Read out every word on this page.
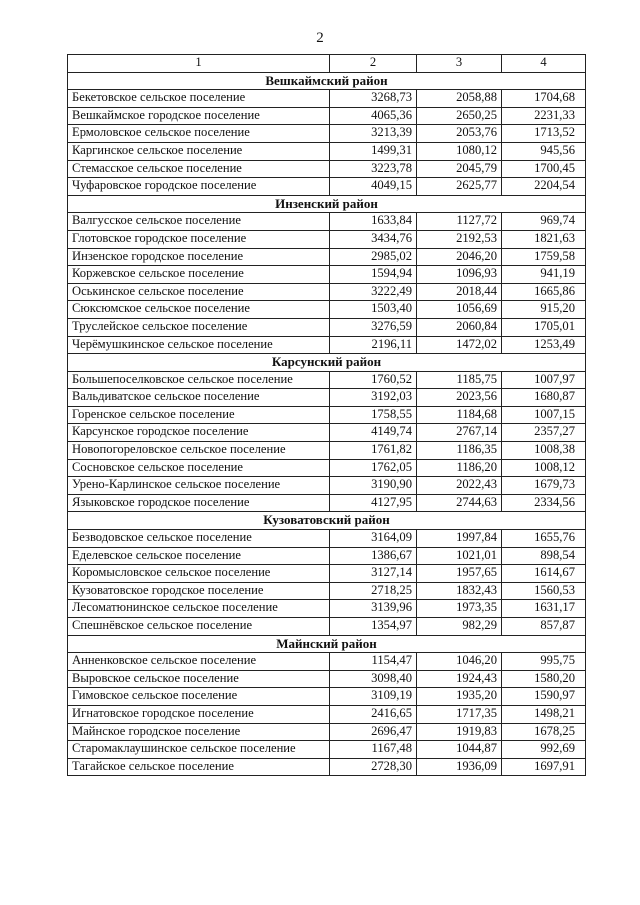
2
1	2	3	4
Вешкаймский район			
Бекетовское сельское поселение	3268,73	2058,88	1704,68
Вешкаймское городское поселение	4065,36	2650,25	2231,33
Ермоловское сельское поселение	3213,39	2053,76	1713,52
Каргинское сельское поселение	1499,31	1080,12	945,56
Стемасское сельское поселение	3223,78	2045,79	1700,45
Чуфаровское городское поселение	4049,15	2625,77	2204,54
Инзенский район			
Валгусское сельское поселение	1633,84	1127,72	969,74
Глотовское городское поселение	3434,76	2192,53	1821,63
Инзенское городское поселение	2985,02	2046,20	1759,58
Коржевское сельское поселение	1594,94	1096,93	941,19
Оськинское сельское поселение	3222,49	2018,44	1665,86
Сюксюмское сельское поселение	1503,40	1056,69	915,20
Труслейское сельское поселение	3276,59	2060,84	1705,01
Черёмушкинское сельское поселение	2196,11	1472,02	1253,49
Карсунский район			
Большепоселковское сельское поселение	1760,52	1185,75	1007,97
Вальдиватское сельское поселение	3192,03	2023,56	1680,87
Горенское сельское поселение	1758,55	1184,68	1007,15
Карсунское городское поселение	4149,74	2767,14	2357,27
Новопогореловское сельское поселение	1761,82	1186,35	1008,38
Сосновское сельское поселение	1762,05	1186,20	1008,12
Урено-Карлинское сельское поселение	3190,90	2022,43	1679,73
Языковское городское поселение	4127,95	2744,63	2334,56
Кузоватовский район			
Безводовское сельское поселение	3164,09	1997,84	1655,76
Еделевское сельское поселение	1386,67	1021,01	898,54
Коромысловское сельское поселение	3127,14	1957,65	1614,67
Кузоватовское городское поселение	2718,25	1832,43	1560,53
Лесоматюнинское сельское поселение	3139,96	1973,35	1631,17
Спешнёвское сельское поселение	1354,97	982,29	857,87
Майнский район			
Анненковское сельское поселение	1154,47	1046,20	995,75
Выровское сельское поселение	3098,40	1924,43	1580,20
Гимовское сельское поселение	3109,19	1935,20	1590,97
Игнатовское городское поселение	2416,65	1717,35	1498,21
Майнское городское поселение	2696,47	1919,83	1678,25
Старомаклаушинское сельское поселение	1167,48	1044,87	992,69
Тагайское сельское поселение	2728,30	1936,09	1697,91
